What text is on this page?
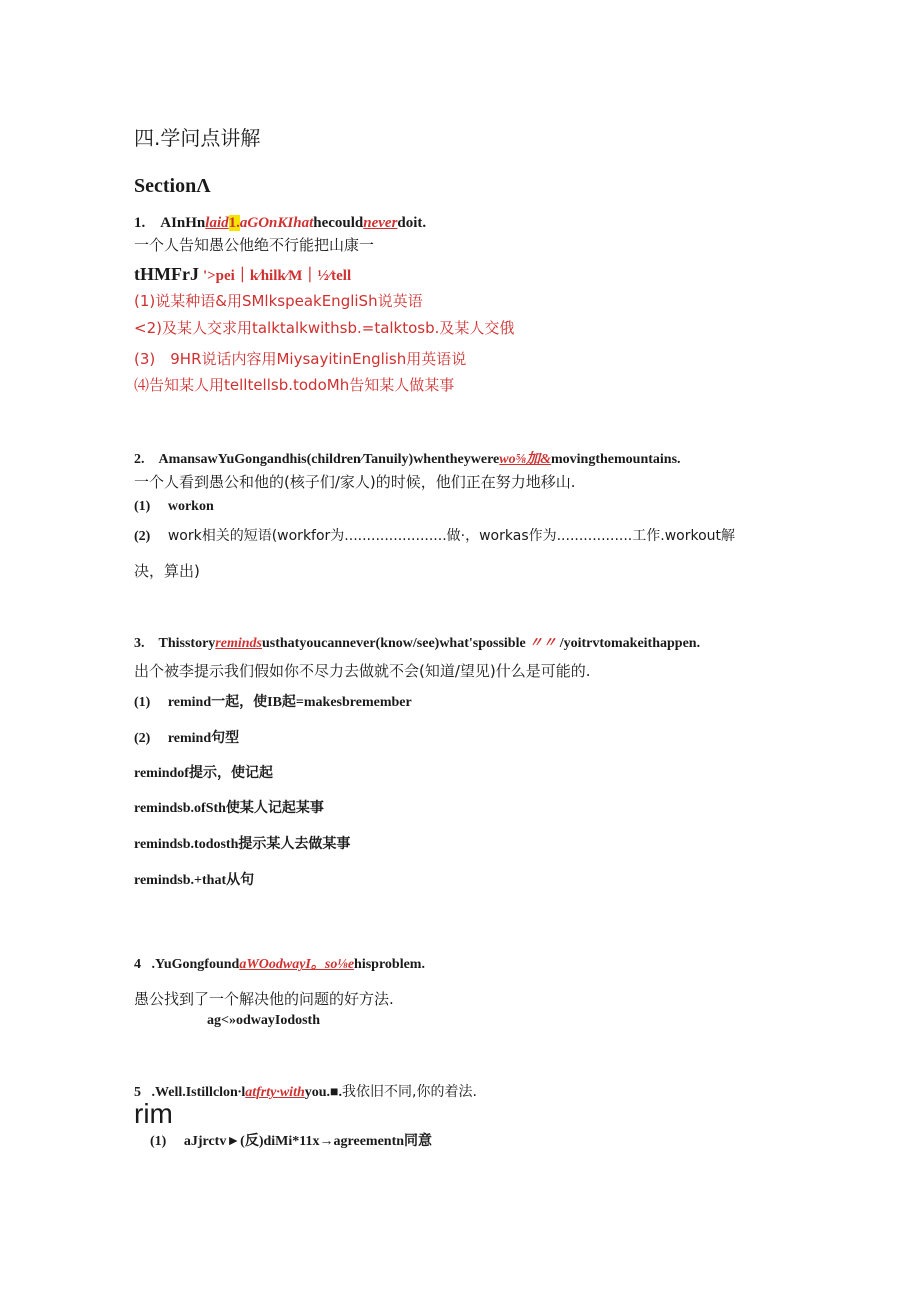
四.学问点讲解
SectionΛ
1. AInHnlaid1.aGOnKIhathecouldneverdoit.
一个人告知愚公他绝不行能把山康一
tHMFrJ '>pei｜k∕hilk∕M｜½∕tell
(1)说某种语&用SMlkspeakEngliSh说英语
<2)及某人交求用talktalkwithsb.=talktosb.及某人交俄
(3)　9HR说话内容用MiysayitinEnglish用英语说
⑷告知某人用telltellsb.todoMh告知某人做某事
2. AmansawYuGongandhis(children∕Tanuily)whentheywerewo⅝加&movingthemountains.
一个人看到愚公和他的(核子们/家人)的时候，他们正在努力地移山.
(1) workon
(2) work相关的短语(workfor为.......................做·，workas作为.................工作.workout解
决，算出)
3. Thisstoryremindsusthatyoucannever(know/see)what'spossible 〃〃 /yoitrvtomakeithappen.
出个被李提示我们假如你不尽力去做就不会(知道/望见)什么是可能的.
(1) remind一起，使IB起=makesbremember
(2) remind句型
remindof提示，使记起
remindsb.ofSth使某人记起某事
remindsb.todosth提示某人去做某事
remindsb.+that从句
4 .YuGongfoundaWOodwayI。so⅛ehisproblem.
愚公找到了一个解决他的问题的好方法.
ag<»odwayIodosth
5 .Well.Istillclon∙latfrty∙withyou.■.我依旧不同,你的着法.
rim
(1) aJjrctv►(反)diMi*11x→agreementn同意
